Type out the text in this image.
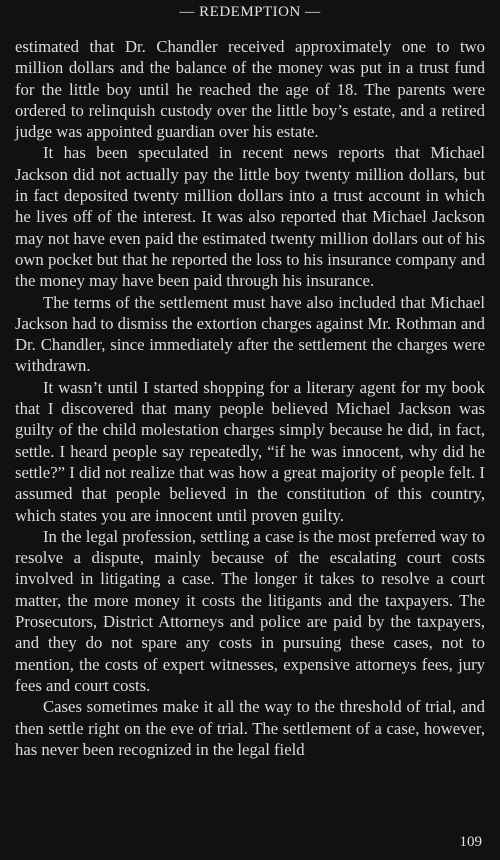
— REDEMPTION —

estimated that Dr. Chandler received approximately one to two million dollars and the balance of the money was put in a trust fund for the little boy until he reached the age of 18. The parents were ordered to relinquish custody over the little boy’s estate, and a retired judge was appointed guardian over his estate.

It has been speculated in recent news reports that Michael Jackson did not actually pay the little boy twenty million dollars, but in fact deposited twenty million dollars into a trust account in which he lives off of the interest. It was also reported that Michael Jackson may not have even paid the estimated twenty million dollars out of his own pocket but that he reported the loss to his insurance company and the money may have been paid through his insurance.

The terms of the settlement must have also included that Michael Jackson had to dismiss the extortion charges against Mr. Rothman and Dr. Chandler, since immediately after the settlement the charges were withdrawn.

It wasn’t until I started shopping for a literary agent for my book that I discovered that many people believed Michael Jackson was guilty of the child molestation charges simply because he did, in fact, settle. I heard people say repeatedly, “if he was innocent, why did he settle?” I did not realize that was how a great majority of people felt. I assumed that people believed in the constitution of this country, which states you are innocent until proven guilty.

In the legal profession, settling a case is the most preferred way to resolve a dispute, mainly because of the escalating court costs involved in litigating a case. The longer it takes to resolve a court matter, the more money it costs the litigants and the taxpayers. The Prosecutors, District Attorneys and police are paid by the taxpayers, and they do not spare any costs in pursuing these cases, not to mention, the costs of expert witnesses, expensive attorneys fees, jury fees and court costs.

Cases sometimes make it all the way to the threshold of trial, and then settle right on the eve of trial. The settlement of a case, however, has never been recognized in the legal field

109
